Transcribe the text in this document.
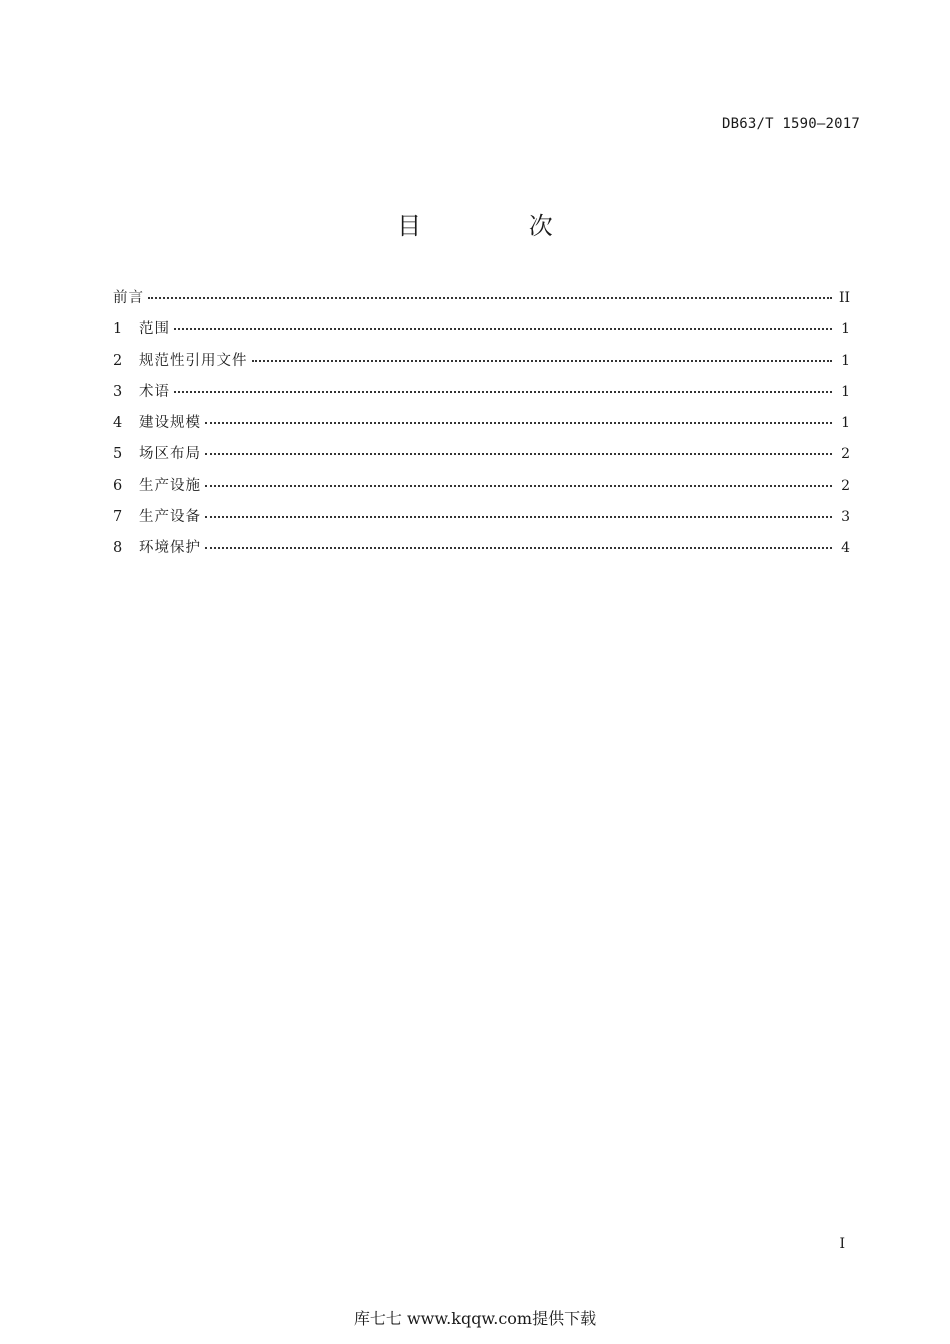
DB63/T 1590—2017
目 次
前言	II
1	范围	1
2	规范性引用文件	1
3	术语	1
4	建设规模	1
5	场区布局	2
6	生产设施	2
7	生产设备	3
8	环境保护	4
I
库七七 www.kqqw.com提供下载
